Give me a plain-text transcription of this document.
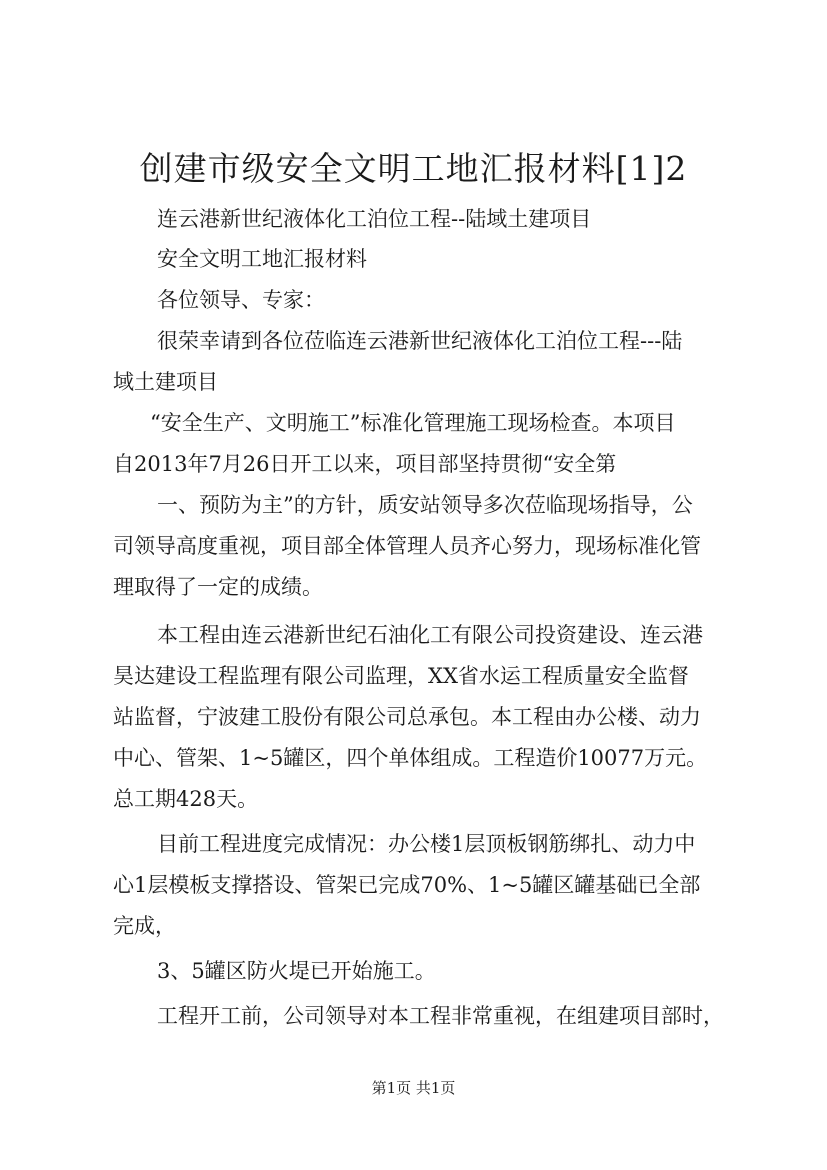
创建市级安全文明工地汇报材料[1]2
连云港新世纪液体化工泊位工程--陆域土建项目
安全文明工地汇报材料
各位领导、专家：
很荣幸请到各位莅临连云港新世纪液体化工泊位工程---陆
域土建项目
“安全生产、文明施工”标准化管理施工现场检查。本项目
自2013年7月26日开工以来，项目部坚持贯彻“安全第
一、预防为主”的方针，质安站领导多次莅临现场指导，公
司领导高度重视，项目部全体管理人员齐心努力，现场标准化管
理取得了一定的成绩。
本工程由连云港新世纪石油化工有限公司投资建设、连云港
昊达建设工程监理有限公司监理，XX省水运工程质量安全监督
站监督，宁波建工股份有限公司总承包。本工程由办公楼、动力
中心、管架、1~5罐区，四个单体组成。工程造价10077万元。
总工期428天。
目前工程进度完成情况：办公楼1层顶板钢筋绑扎、动力中
心1层模板支撑搭设、管架已完成70%、1~5罐区罐基础已全部
完成，
3、5罐区防火堤已开始施工。
工程开工前，公司领导对本工程非常重视，在组建项目部时，
第1页 共1页
